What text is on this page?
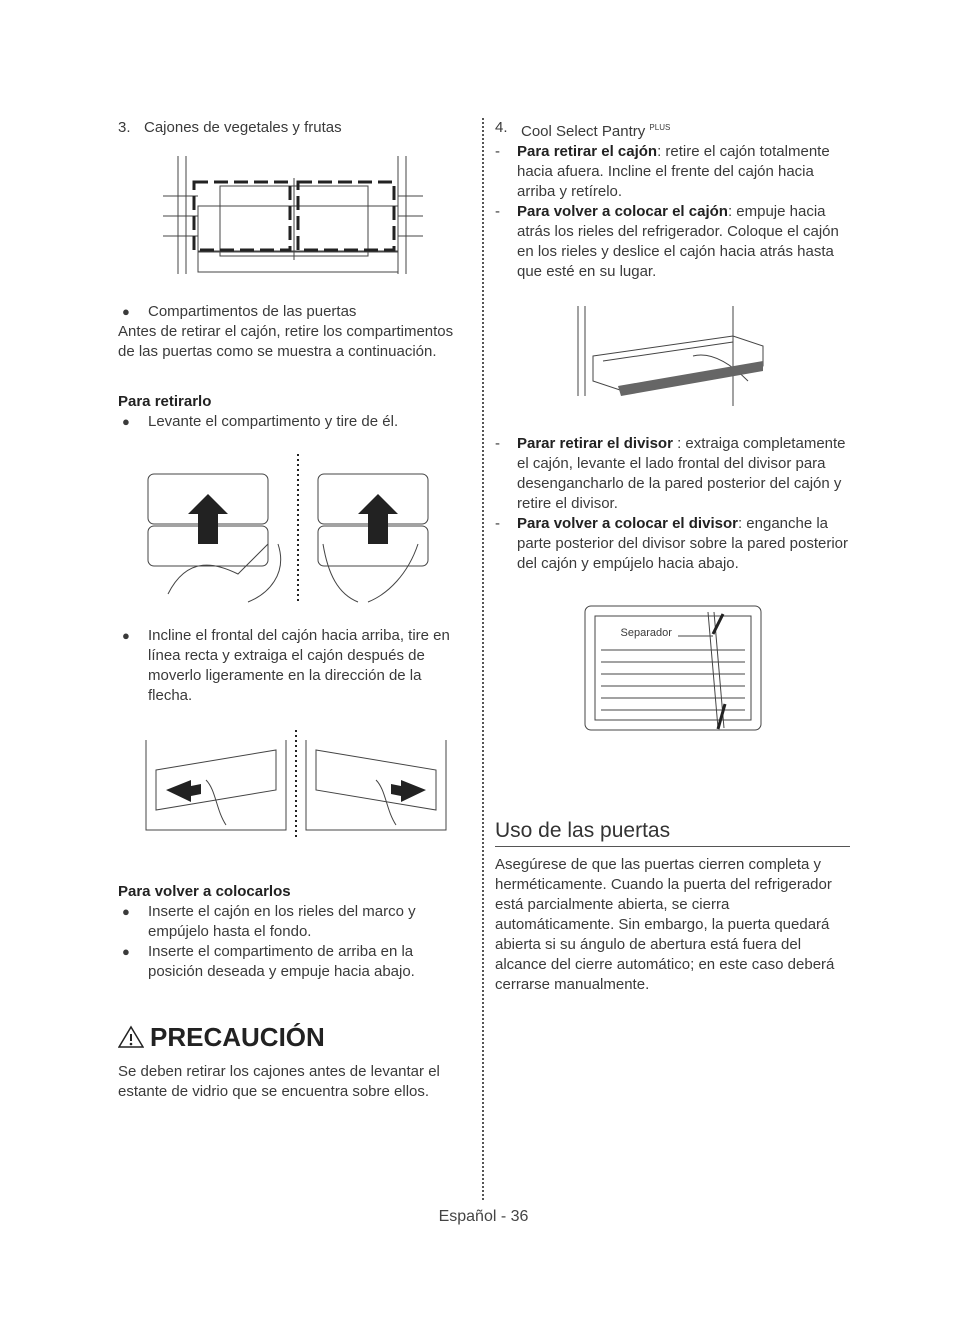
3. Cajones de vegetales y frutas
●	Compartimentos de las puertas

Antes de retirar el cajón, retire los compartimentos de las puertas como se muestra a continuación.

Para retirarlo

●	Levante el compartimento y tire de él.
●	Incline el frontal del cajón hacia arriba, tire en línea recta y extraiga el cajón después de moverlo ligeramente en la dirección de la flecha.

Para volver a colocarlos

●	Inserte el cajón en los rieles del marco y empújelo hasta el fondo.
●	Inserte el compartimento de arriba en la posición deseada y empuje hacia abajo.
PRECAUCIÓN

Se deben retirar los cajones antes de levantar el estante de vidrio que se encuentra sobre ellos.

4. Cool Select Pantry $^{PLUS}$
-	Para retirar el cajón: retire el cajón totalmente hacia afuera. Incline el frente del cajón hacia arriba y retírelo.
-	Para volver a colocar el cajón: empuje hacia atrás los rieles del refrigerador. Coloque el cajón en los rieles y deslice el cajón hacia atrás hasta que esté en su lugar.
-	Parar retirar el divisor : extraiga completamente el cajón, levante el lado frontal del divisor para desengancharlo de la pared posterior del cajón y retire el divisor.
-	Para volver a colocar el divisor: enganche la parte posterior del divisor sobre la pared posterior del cajón y empújelo hacia abajo.
Separador
Uso de las puertas

Asegúrese de que las puertas cierren completa y herméticamente. Cuando la puerta del refrigerador está parcialmente abierta, se cierra automáticamente. Sin embargo, la puerta quedará abierta si su ángulo de abertura está fuera del alcance del cierre automático; en este caso deberá cerrarse manualmente.

Español - 36
